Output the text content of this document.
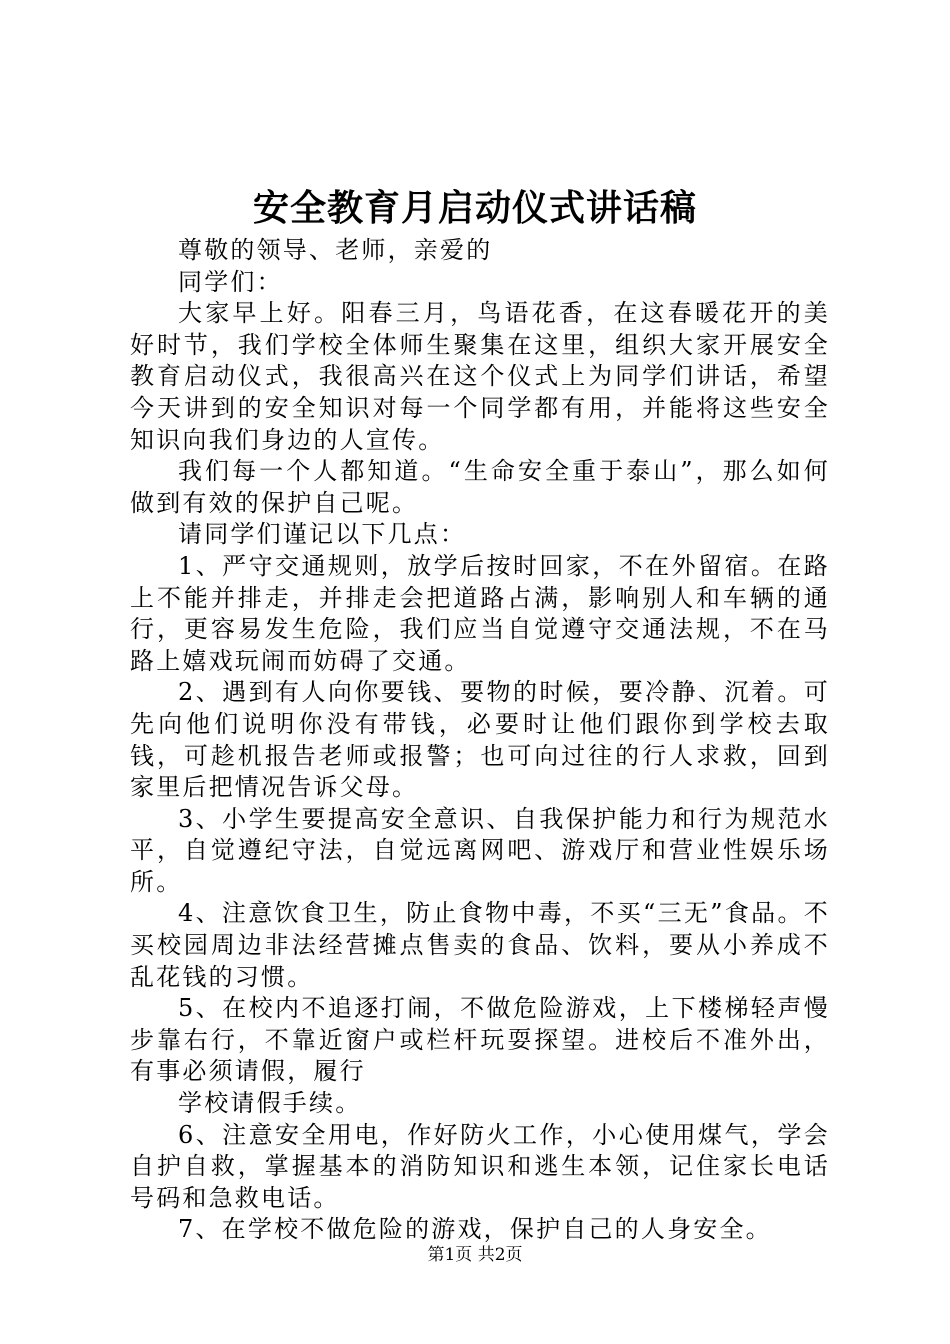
安全教育月启动仪式讲话稿

尊敬的领导、老师，亲爱的

同学们：

大家早上好。阳春三月，鸟语花香，在这春暖花开的美好时节，我们学校全体师生聚集在这里，组织大家开展安全教育启动仪式，我很高兴在这个仪式上为同学们讲话，希望今天讲到的安全知识对每一个同学都有用，并能将这些安全知识向我们身边的人宣传。

我们每一个人都知道。“生命安全重于泰山”，那么如何做到有效的保护自己呢。

请同学们谨记以下几点：

1、严守交通规则，放学后按时回家，不在外留宿。在路上不能并排走，并排走会把道路占满，影响别人和车辆的通行，更容易发生危险，我们应当自觉遵守交通法规，不在马路上嬉戏玩闹而妨碍了交通。

2、遇到有人向你要钱、要物的时候，要冷静、沉着。可先向他们说明你没有带钱，必要时让他们跟你到学校去取钱，可趁机报告老师或报警；也可向过往的行人求救，回到家里后把情况告诉父母。

3、小学生要提高安全意识、自我保护能力和行为规范水平，自觉遵纪守法，自觉远离网吧、游戏厅和营业性娱乐场所。

4、注意饮食卫生，防止食物中毒，不买“三无”食品。不买校园周边非法经营摊点售卖的食品、饮料，要从小养成不乱花钱的习惯。

5、在校内不追逐打闹，不做危险游戏，上下楼梯轻声慢步靠右行，不靠近窗户或栏杆玩耍探望。进校后不准外出，有事必须请假，履行

学校请假手续。

6、注意安全用电，作好防火工作，小心使用煤气，学会自护自救，掌握基本的消防知识和逃生本领，记住家长电话号码和急救电话。

7、在学校不做危险的游戏，保护自己的人身安全。

第1页 共2页
